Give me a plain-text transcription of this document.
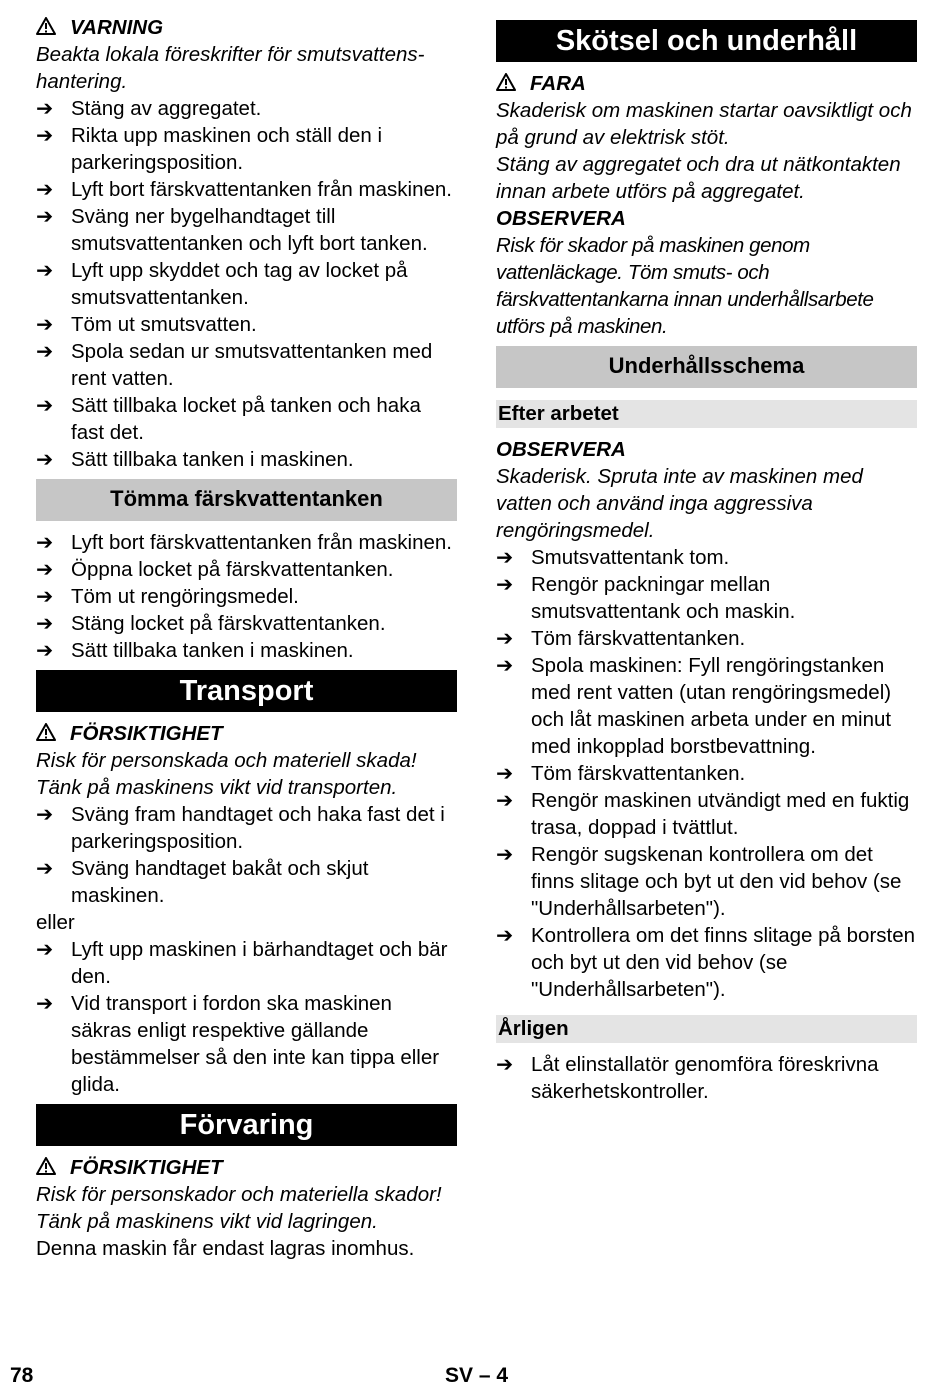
VARNING
Beakta lokala föreskrifter för smutsvattens-hantering.
➔ Stäng av aggregatet.
➔ Rikta upp maskinen och ställ den i parkeringsposition.
➔ Lyft bort färskvattentanken från maskinen.
➔ Sväng ner bygelhandtaget till smutsvattentanken och lyft bort tanken.
➔ Lyft upp skyddet och tag av locket på smutsvattentanken.
➔ Töm ut smutsvatten.
➔ Spola sedan ur smutsvattentanken med rent vatten.
➔ Sätt tillbaka locket på tanken och haka fast det.
➔ Sätt tillbaka tanken i maskinen.
Tömma färskvattentanken
➔ Lyft bort färskvattentanken från maskinen.
➔ Öppna locket på färskvattentanken.
➔ Töm ut rengöringsmedel.
➔ Stäng locket på färskvattentanken.
➔ Sätt tillbaka tanken i maskinen.
Transport
FÖRSIKTIGHET
Risk för personskada och materiell skada! Tänk på maskinens vikt vid transporten.
➔ Sväng fram handtaget och haka fast det i parkeringsposition.
➔ Sväng handtaget bakåt och skjut maskinen.
eller
➔ Lyft upp maskinen i bärhandtaget och bär den.
➔ Vid transport i fordon ska maskinen säkras enligt respektive gällande bestämmelser så den inte kan tippa eller glida.
Förvaring
FÖRSIKTIGHET
Risk för personskador och materiella skador! Tänk på maskinens vikt vid lagringen.
Denna maskin får endast lagras inomhus.
Skötsel och underhåll
FARA
Skaderisk om maskinen startar oavsiktligt och på grund av elektrisk stöt.
Stäng av aggregatet och dra ut nätkontakten innan arbete utförs på aggregatet.
OBSERVERA
Risk för skador på maskinen genom vattenläckage. Töm smuts- och färskvattentankarna innan underhållsarbete utförs på maskinen.
Underhållsschema
Efter arbetet
OBSERVERA
Skaderisk. Spruta inte av maskinen med vatten och använd inga aggressiva rengöringsmedel.
➔ Smutsvattentank tom.
➔ Rengör packningar mellan smutsvattentank och maskin.
➔ Töm färskvattentanken.
➔ Spola maskinen: Fyll rengöringstanken med rent vatten (utan rengöringsmedel) och låt maskinen arbeta under en minut med inkopplad borstbevattning.
➔ Töm färskvattentanken.
➔ Rengör maskinen utvändigt med en fuktig trasa, doppad i tvättlut.
➔ Rengör sugskenan kontrollera om det finns slitage och byt ut den vid behov (se "Underhållsarbeten").
➔ Kontrollera om det finns slitage på borsten och byt ut den vid behov (se "Underhållsarbeten").
Årligen
➔ Låt elinstallatör genomföra föreskrivna säkerhetskontroller.
78	SV – 4
